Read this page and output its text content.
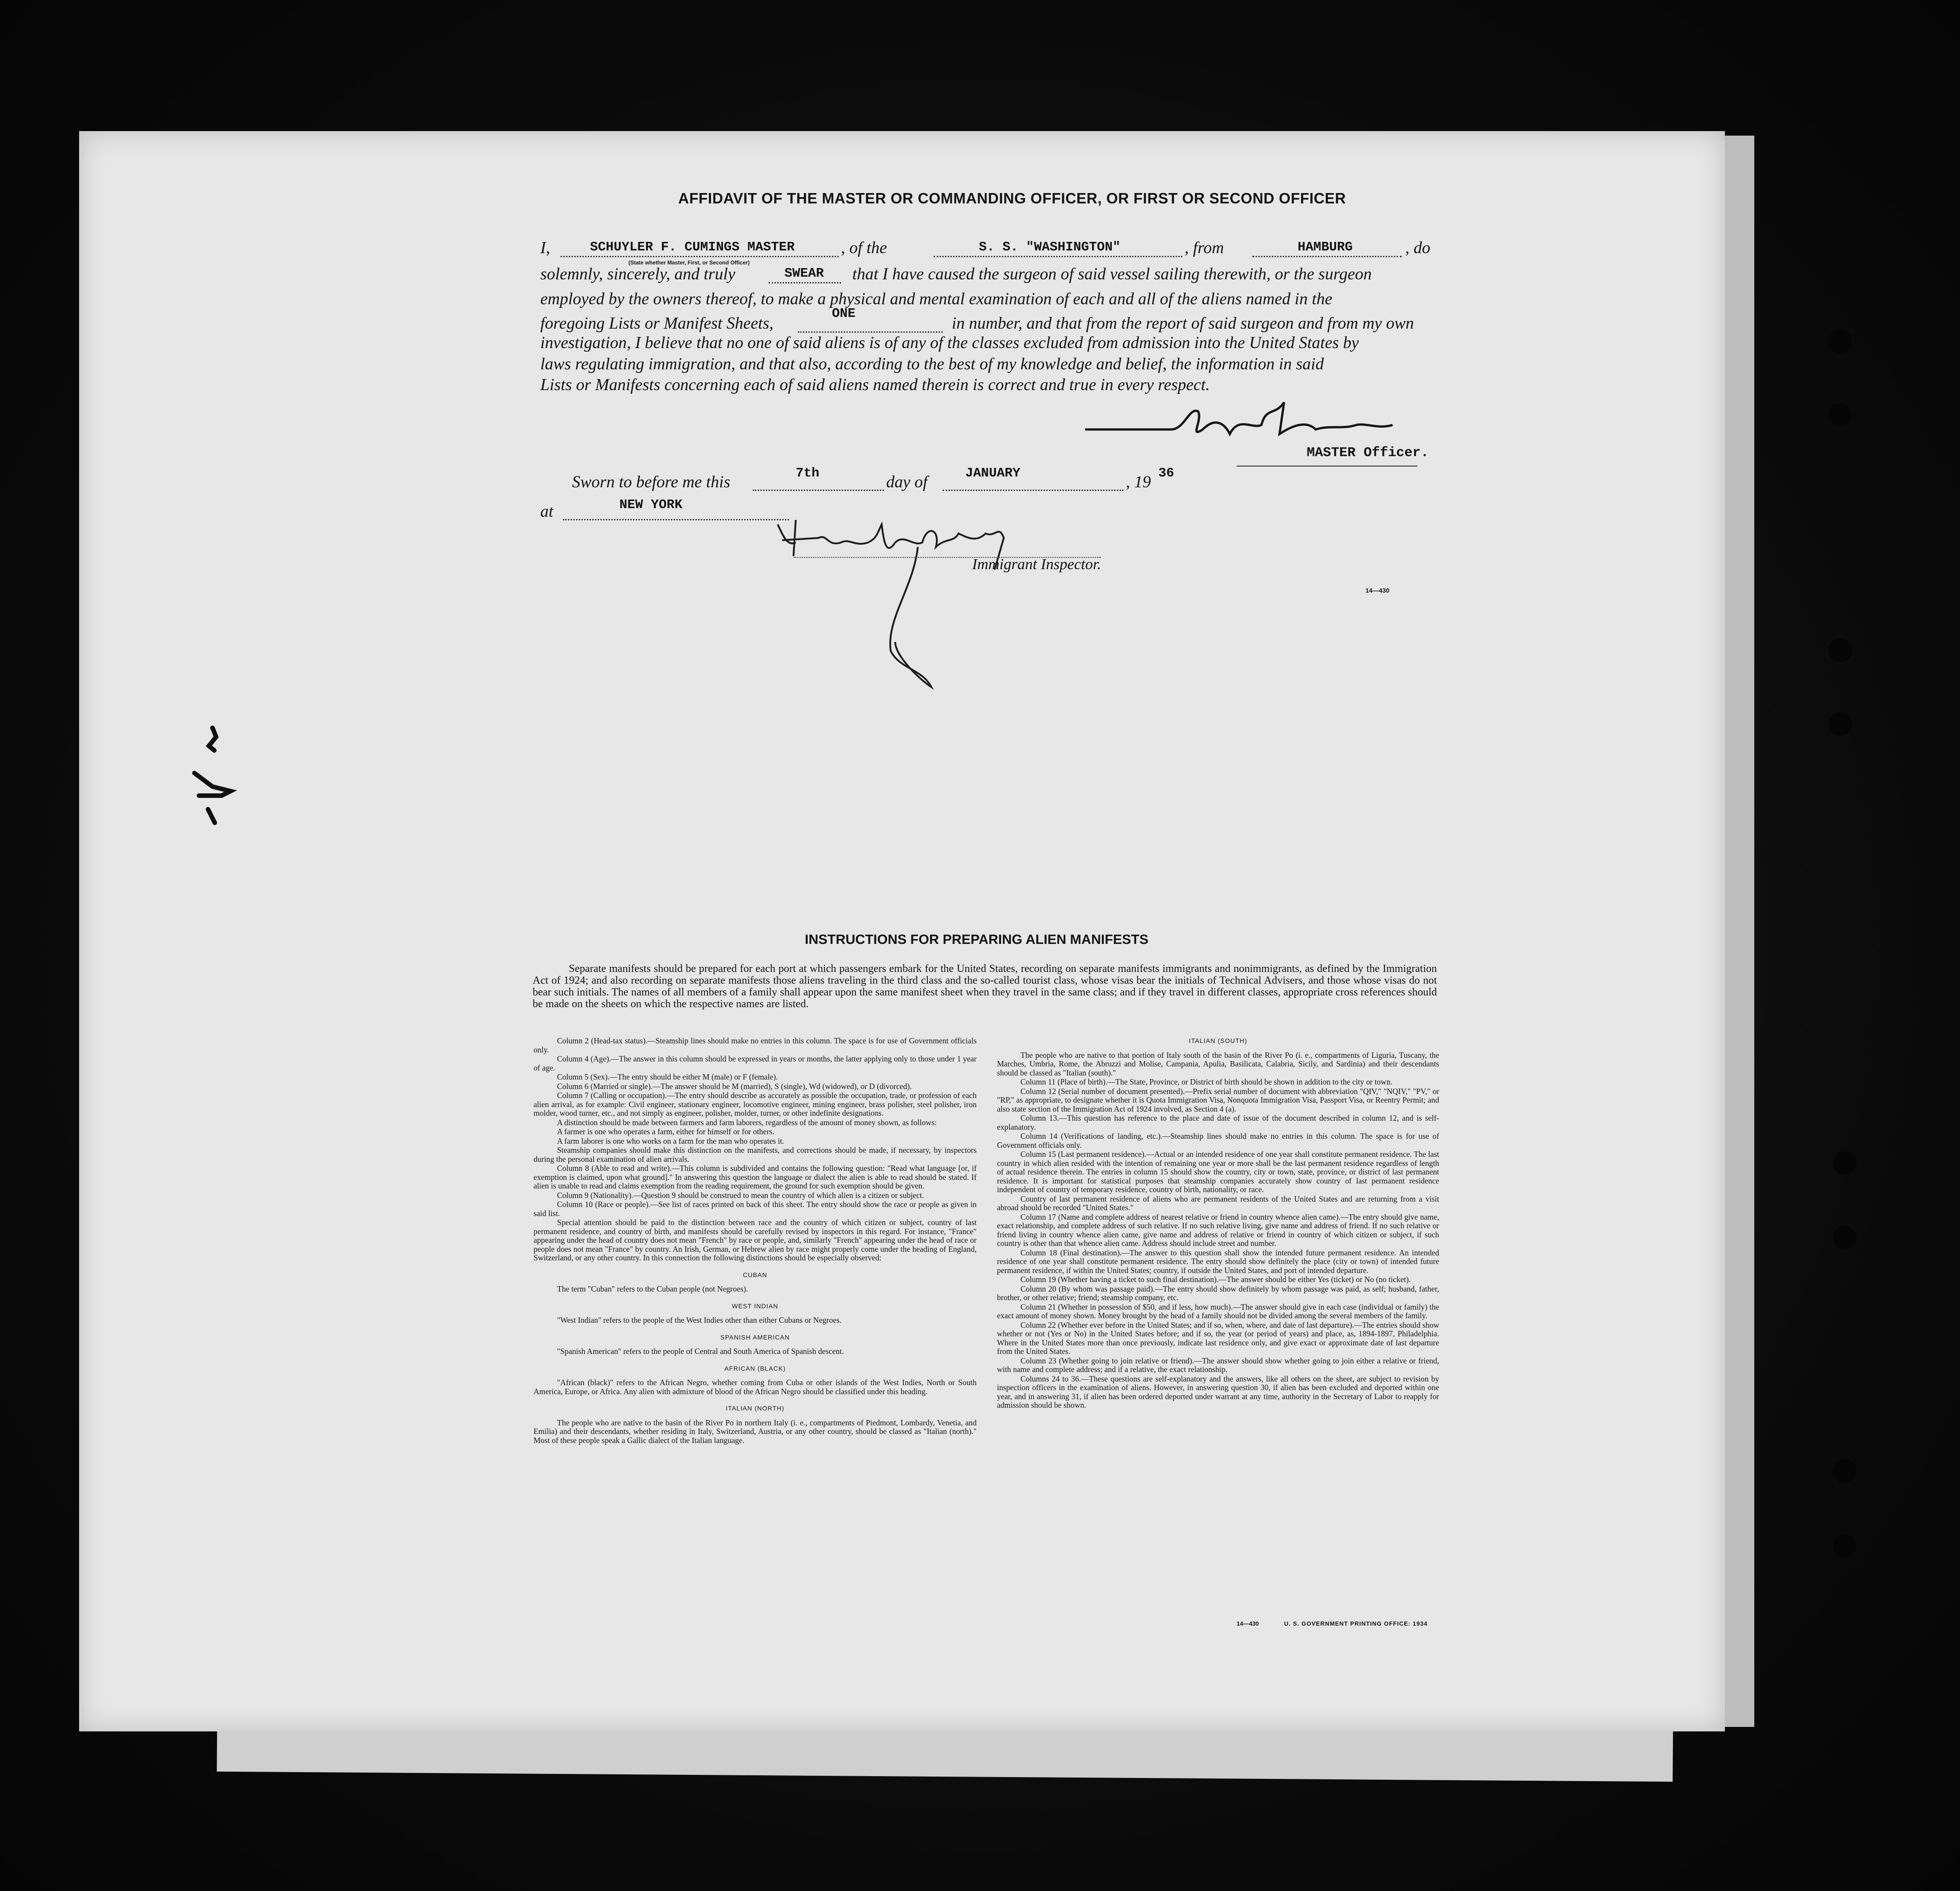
AFFIDAVIT OF THE MASTER OR COMMANDING OFFICER, OR FIRST OR SECOND OFFICER
I,	SCHUYLER F. CUMINGS MASTER	, of the	S. S. "WASHINGTON"	, from	HAMBURG	, do
(State whether Master, First, or Second Officer)
solemnly, sincerely, and truly	SWEAR that I have caused the surgeon of said vessel sailing therewith, or the surgeon
employed by the owners thereof, to make a physical and mental examination of each and all of the aliens named in the
foregoing Lists or Manifest Sheets,
ONE
in number, and that from the report of said surgeon and from my own
investigation, I believe that no one of said aliens is of any of the classes excluded from admission into the United States by
laws regulating immigration, and that also, according to the best of my knowledge and belief, the information in said
Lists or Manifests concerning each of said aliens named therein is correct and true in every respect.
MASTER Officer.
Sworn to before me this	7th	day of	JANUARY	, 19 36
at	NEW YORK
Immigrant Inspector.
14—430
INSTRUCTIONS FOR PREPARING ALIEN MANIFESTS
Separate manifests should be prepared for each port at which passengers embark for the United States, recording on separate manifests immigrants and nonimmigrants, as defined by the Immigration Act of 1924; and also recording on separate manifests those aliens traveling in the third class and the so-called tourist class, whose visas bear the initials of Technical Advisers, and those whose visas do not bear such initials. The names of all members of a family shall appear upon the same manifest sheet when they travel in the same class; and if they travel in different classes, appropriate cross references should be made on the sheets on which the respective names are listed.

Column 2 (Head-tax status).—Steamship lines should make no entries in this column. The space is for use of Government officials only.

Column 4 (Age).—The answer in this column should be expressed in years or months, the latter applying only to those under 1 year of age.

Column 5 (Sex).—The entry should be either M (male) or F (female).

Column 6 (Married or single).—The answer should be M (married), S (single), Wd (widowed), or D (divorced).

Column 7 (Calling or occupation).—The entry should describe as accurately as possible the occupation, trade, or profession of each alien arrival, as for example: Civil engineer, stationary engineer, locomotive engineer, mining engineer, brass polisher, steel polisher, iron molder, wood turner, etc., and not simply as engineer, polisher, molder, turner, or other indefinite designations.

A distinction should be made between farmers and farm laborers, regardless of the amount of money shown, as follows:

A farmer is one who operates a farm, either for himself or for others.

A farm laborer is one who works on a farm for the man who operates it.

Steamship companies should make this distinction on the manifests, and corrections should be made, if necessary, by inspectors during the personal examination of alien arrivals.

Column 8 (Able to read and write).—This column is subdivided and contains the following question: "Read what language [or, if exemption is claimed, upon what ground]." In answering this question the language or dialect the alien is able to read should be stated. If alien is unable to read and claims exemption from the reading requirement, the ground for such exemption should be given.

Column 9 (Nationality).—Question 9 should be construed to mean the country of which alien is a citizen or subject.

Column 10 (Race or people).—See list of races printed on back of this sheet. The entry should show the race or people as given in said list.

Special attention should be paid to the distinction between race and the country of which citizen or subject, country of last permanent residence, and country of birth, and manifests should be carefully revised by inspectors in this regard. For instance, "France" appearing under the head of country does not mean "French" by race or people, and, similarly "French" appearing under the head of race or people does not mean "France" by country. An Irish, German, or Hebrew alien by race might properly come under the heading of England, Switzerland, or any other country. In this connection the following distinctions should be especially observed:

CUBAN

The term "Cuban" refers to the Cuban people (not Negroes).

WEST INDIAN

"West Indian" refers to the people of the West Indies other than either Cubans or Negroes.

SPANISH AMERICAN

"Spanish American" refers to the people of Central and South America of Spanish descent.

AFRICAN (BLACK)

"African (black)" refers to the African Negro, whether coming from Cuba or other islands of the West Indies, North or South America, Europe, or Africa. Any alien with admixture of blood of the African Negro should be classified under this heading.

ITALIAN (NORTH)

The people who are native to the basin of the River Po in northern Italy (i. e., compartments of Piedmont, Lombardy, Venetia, and Emilia) and their descendants, whether residing in Italy, Switzerland, Austria, or any other country, should be classed as "Italian (north)." Most of these people speak a Gallic dialect of the Italian language.

ITALIAN (SOUTH)

The people who are native to that portion of Italy south of the basin of the River Po (i. e., compartments of Liguria, Tuscany, the Marches, Umbria, Rome, the Abruzzi and Molise, Campania, Apulia, Basilicata, Calabria, Sicily, and Sardinia) and their descendants should be classed as "Italian (south)."

Column 11 (Place of birth).—The State, Province, or District of birth should be shown in addition to the city or town.

Column 12 (Serial number of document presented).—Prefix serial number of document with abbreviation "QIV," "NQIV," "PV," or "RP," as appropriate, to designate whether it is Quota Immigration Visa, Nonquota Immigration Visa, Passport Visa, or Reentry Permit; and also state section of the Immigration Act of 1924 involved, as Section 4 (a).

Column 13.—This question has reference to the place and date of issue of the document described in column 12, and is self-explanatory.

Column 14 (Verifications of landing, etc.).—Steamship lines should make no entries in this column. The space is for use of Government officials only.

Column 15 (Last permanent residence).—Actual or an intended residence of one year shall constitute permanent residence. The last country in which alien resided with the intention of remaining one year or more shall be the last permanent residence regardless of length of actual residence therein. The entries in column 15 should show the country, city or town, state, province, or district of last permanent residence. It is important for statistical purposes that steamship companies accurately show country of last permanent residence independent of country of temporary residence, country of birth, nationality, or race.

Country of last permanent residence of aliens who are permanent residents of the United States and are returning from a visit abroad should be recorded "United States."

Column 17 (Name and complete address of nearest relative or friend in country whence alien came).—The entry should give name, exact relationship, and complete address of such relative. If no such relative living, give name and address of friend. If no such relative or friend living in country whence alien came, give name and address of relative or friend in country of which citizen or subject, if such country is other than that whence alien came. Address should include street and number.

Column 18 (Final destination).—The answer to this question shall show the intended future permanent residence. An intended residence of one year shall constitute permanent residence. The entry should show definitely the place (city or town) of intended future permanent residence, if within the United States; country, if outside the United States, and port of intended departure.

Column 19 (Whether having a ticket to such final destination).—The answer should be either Yes (ticket) or No (no ticket).

Column 20 (By whom was passage paid).—The entry should show definitely by whom passage was paid, as self; husband, father, brother, or other relative; friend; steamship company, etc.

Column 21 (Whether in possession of $50, and if less, how much).—The answer should give in each case (individual or family) the exact amount of money shown. Money brought by the head of a family should not be divided among the several members of the family.

Column 22 (Whether ever before in the United States; and if so, when, where, and date of last departure).—The entries should show whether or not (Yes or No) in the United States before; and if so, the year (or period of years) and place, as, 1894-1897, Philadelphia. Where in the United States more than once previously, indicate last residence only, and give exact or approximate date of last departure from the United States.

Column 23 (Whether going to join relative or friend).—The answer should show whether going to join either a relative or friend, with name and complete address; and if a relative, the exact relationship.

Columns 24 to 36.—These questions are self-explanatory and the answers, like all others on the sheet, are subject to revision by inspection officers in the examination of aliens. However, in answering question 30, if alien has been excluded and deported within one year, and in answering 31, if alien has been ordered deported under warrant at any time, authority in the Secretary of Labor to reapply for admission should be shown.

14—430	U. S. GOVERNMENT PRINTING OFFICE: 1934
